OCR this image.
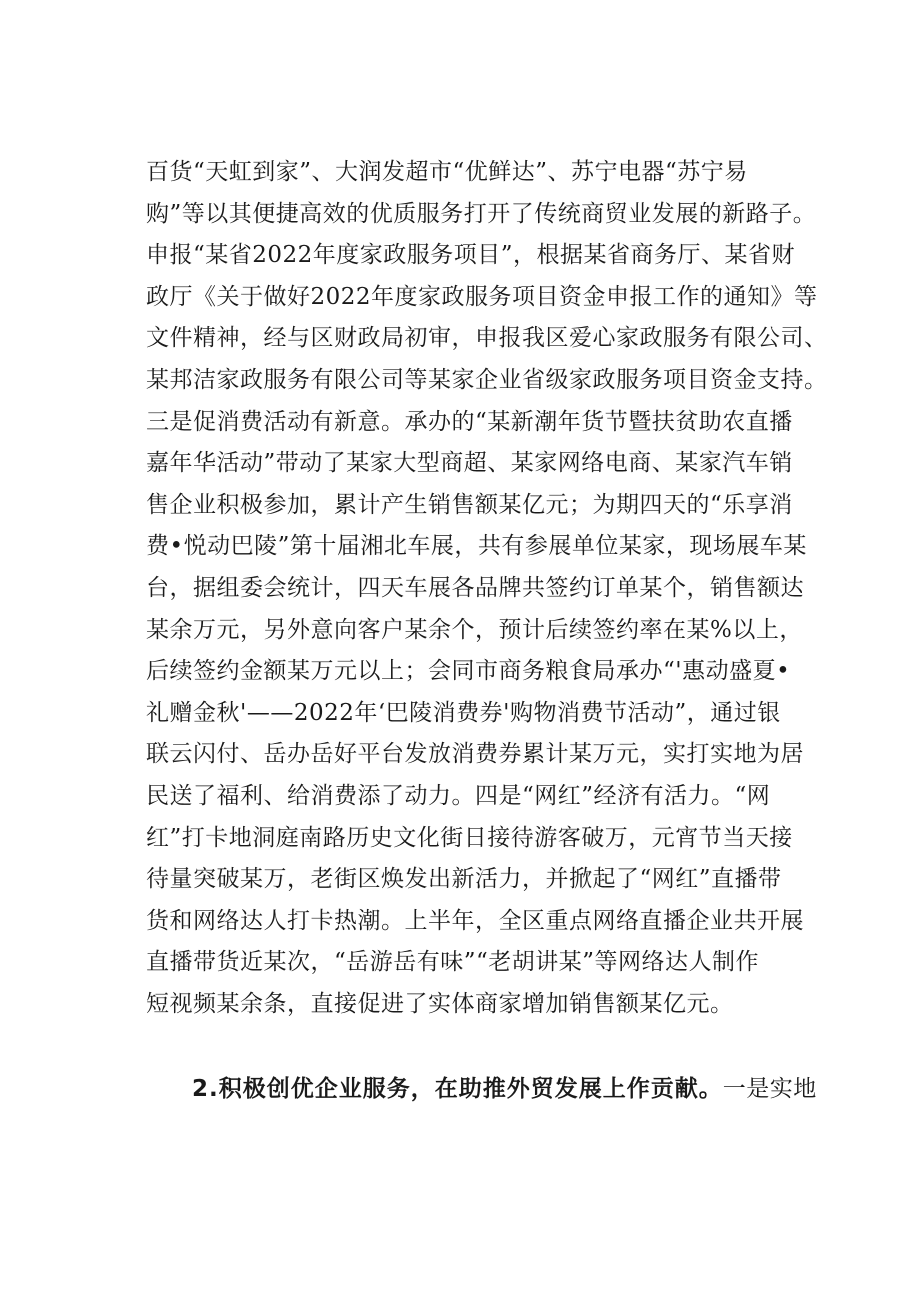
百货“天虹到家”、大润发超市“优鲜达”、苏宁电器“苏宁易
购”等以其便捷高效的优质服务打开了传统商贸业发展的新路子。
申报“某省2022年度家政服务项目”，根据某省商务厅、某省财
政厅《关于做好2022年度家政服务项目资金申报工作的通知》等
文件精神，经与区财政局初审，申报我区爱心家政服务有限公司、
某邦洁家政服务有限公司等某家企业省级家政服务项目资金支持。
三是促消费活动有新意。承办的“某新潮年货节暨扶贫助农直播
嘉年华活动”带动了某家大型商超、某家网络电商、某家汽车销
售企业积极参加，累计产生销售额某亿元；为期四天的“乐享消
费•悦动巴陵”第十届湘北车展，共有参展单位某家，现场展车某
台，据组委会统计，四天车展各品牌共签约订单某个，销售额达
某余万元，另外意向客户某余个，预计后续签约率在某%以上，
后续签约金额某万元以上；会同市商务粮食局承办“'惠动盛夏•
礼赠金秋'——2022年‘巴陵消费券'购物消费节活动”，通过银
联云闪付、岳办岳好平台发放消费券累计某万元，实打实地为居
民送了福利、给消费添了动力。四是“网红”经济有活力。“网
红”打卡地洞庭南路历史文化街日接待游客破万，元宵节当天接
待量突破某万，老街区焕发出新活力，并掀起了“网红”直播带
货和网络达人打卡热潮。上半年，全区重点网络直播企业共开展
直播带货近某次，“岳游岳有味”“老胡讲某”等网络达人制作
短视频某余条，直接促进了实体商家增加销售额某亿元。
2.积极创优企业服务，在助推外贸发展上作贡献。一是实地
